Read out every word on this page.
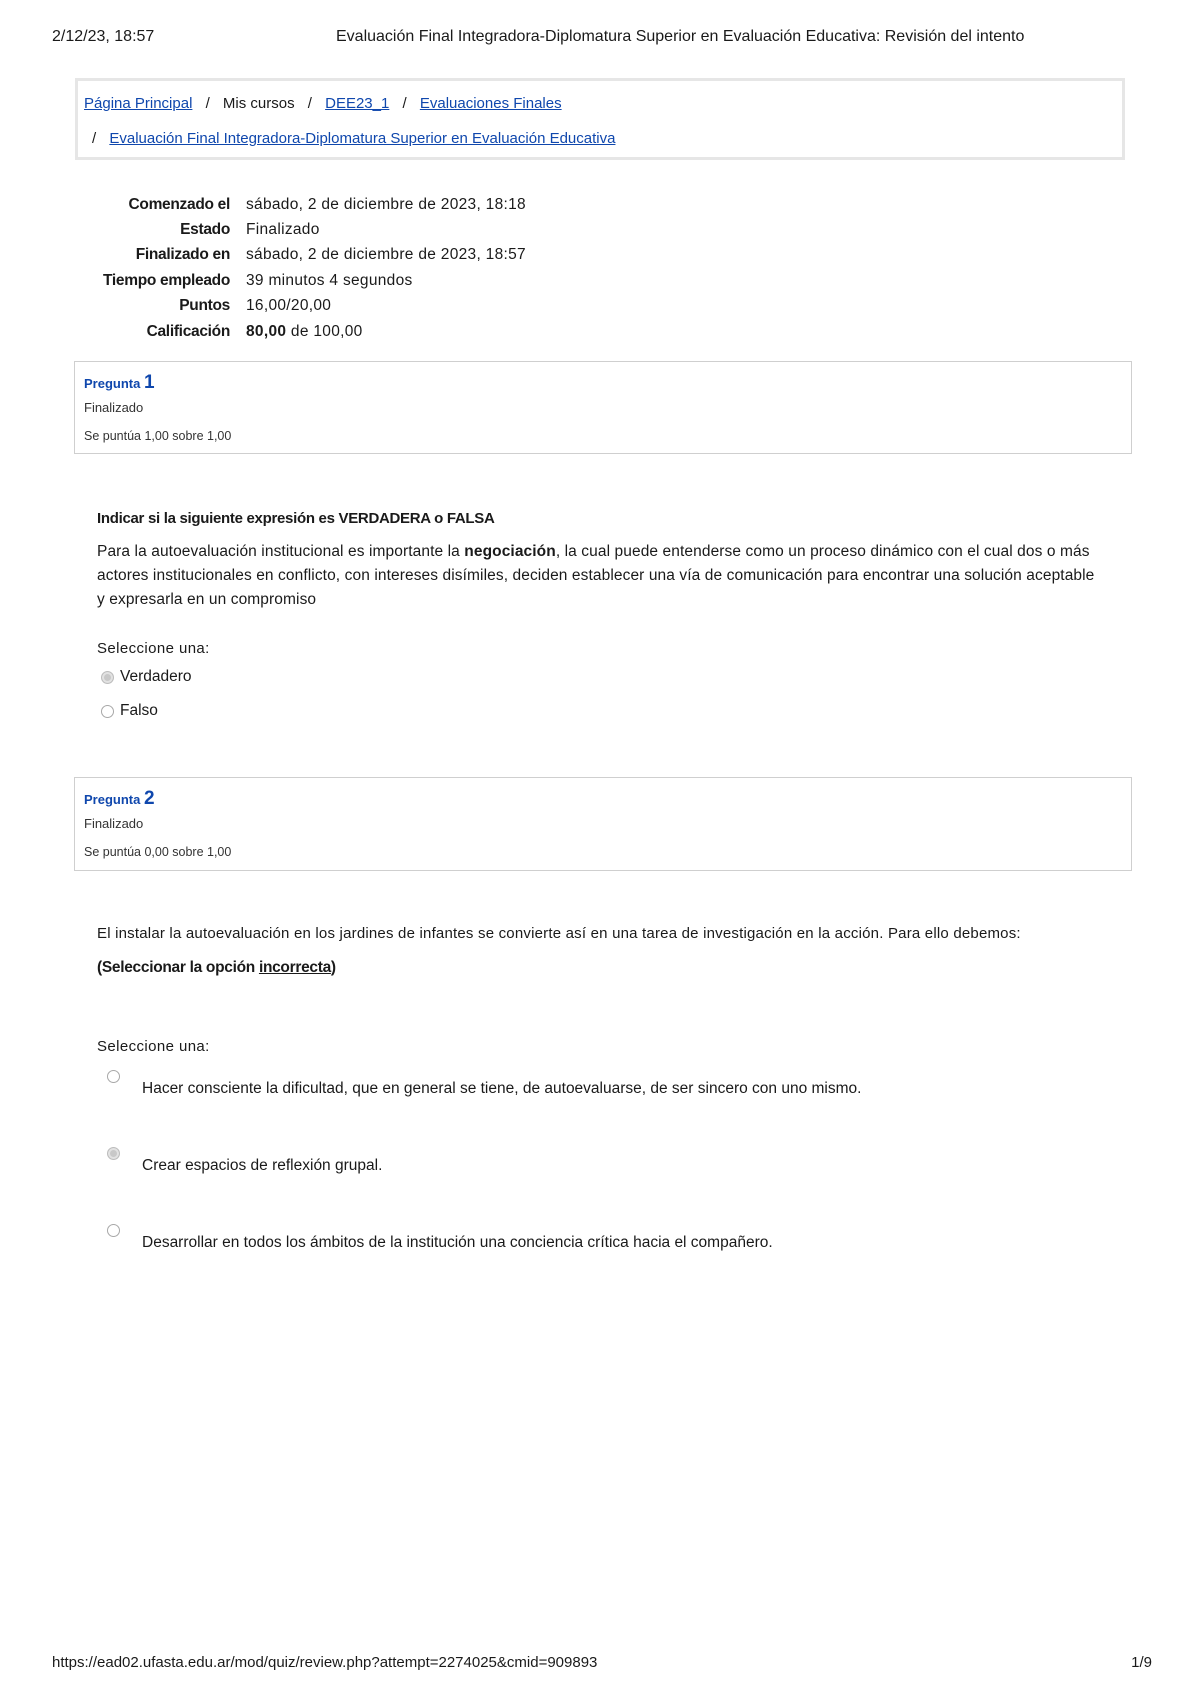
2/12/23, 18:57	Evaluación Final Integradora-Diplomatura Superior en Evaluación Educativa: Revisión del intento
Página Principal / Mis cursos / DEE23_1 / Evaluaciones Finales
/ Evaluación Final Integradora-Diplomatura Superior en Evaluación Educativa
Comenzado el	sábado, 2 de diciembre de 2023, 18:18
Estado	Finalizado
Finalizado en	sábado, 2 de diciembre de 2023, 18:57
Tiempo empleado	39 minutos 4 segundos
Puntos	16,00/20,00
Calificación	80,00 de 100,00
Pregunta 1
Finalizado
Se puntúa 1,00 sobre 1,00
Indicar si la siguiente expresión es VERDADERA o FALSA
Para la autoevaluación institucional es importante la negociación, la cual puede entenderse como un proceso dinámico con el cual dos o más actores institucionales en conflicto, con intereses disímiles, deciden establecer una vía de comunicación para encontrar una solución aceptable y expresarla en un compromiso
Seleccione una:
Verdadero
Falso
Pregunta 2
Finalizado
Se puntúa 0,00 sobre 1,00
El instalar la autoevaluación en los jardines de infantes se convierte así en una tarea de investigación en la acción. Para ello debemos:
(Seleccionar la opción incorrecta)
Seleccione una:
Hacer consciente la dificultad, que en general se tiene, de autoevaluarse, de ser sincero con uno mismo.
Crear espacios de reflexión grupal.
Desarrollar en todos los ámbitos de la institución una conciencia crítica hacia el compañero.
https://ead02.ufasta.edu.ar/mod/quiz/review.php?attempt=2274025&cmid=909893	1/9
